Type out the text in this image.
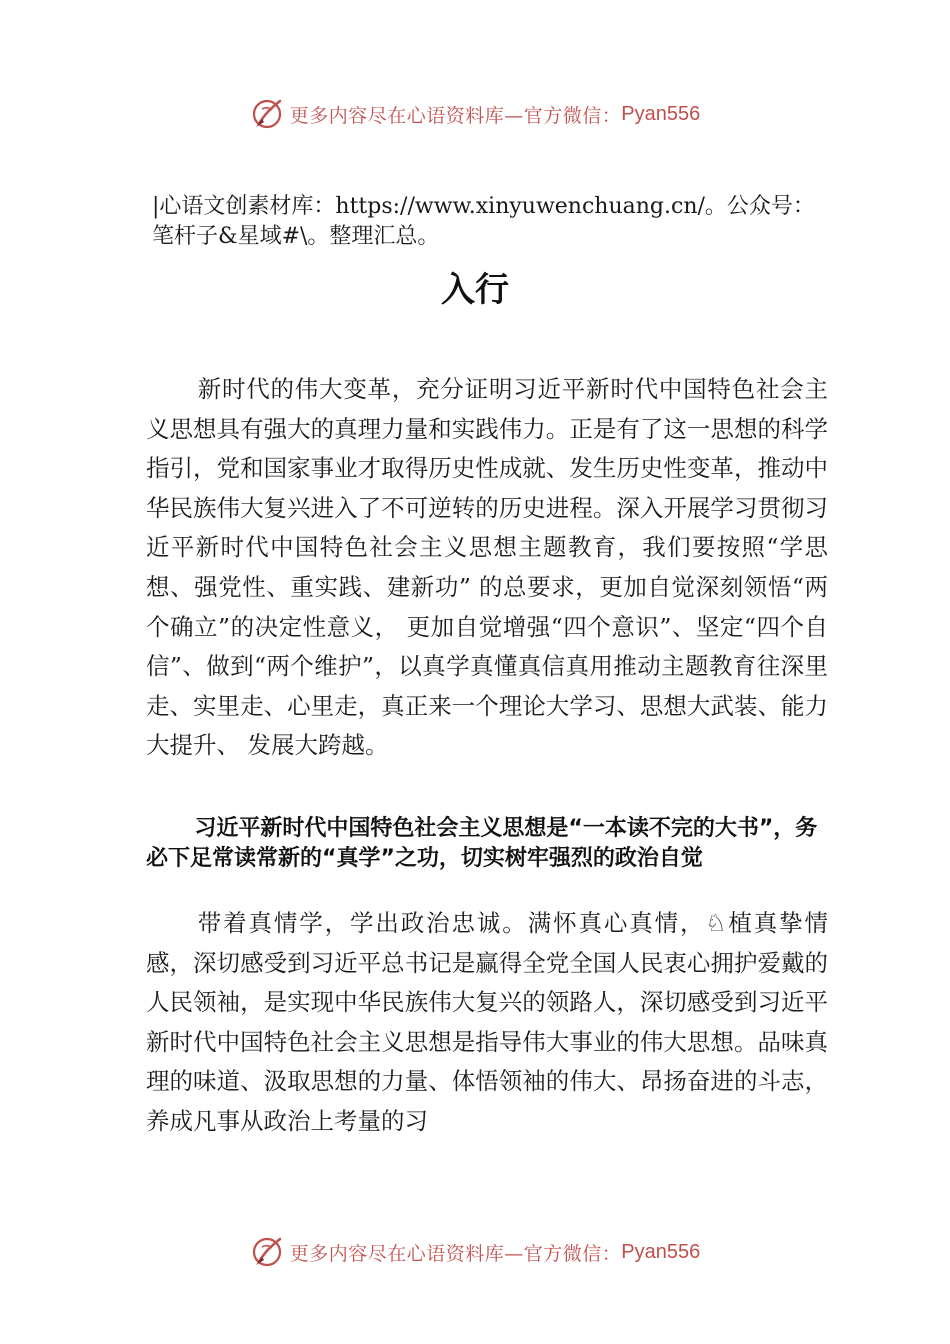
更多内容尽在心语资料库—官方微信： Pyan556

|心语文创素材库：https://www.xinyuwenchuang.cn/。公众号：笔杆子&星域#\。整理汇总。

入行

新时代的伟大变革，充分证明习近平新时代中国特色社会主义思想具有强大的真理力量和实践伟力。正是有了这一思想的科学指引，党和国家事业才取得历史性成就、发生历史性变革，推动中华民族伟大复兴进入了不可逆转的历史进程。深入开展学习贯彻习近平新时代中国特色社会主义思想主题教育，我们要按照“学思想、强党性、重实践、建新功” 的总要求，更加自觉深刻领悟“两个确立”的决定性意义， 更加自觉增强“四个意识”、坚定“四个自信”、做到“两个维护”，以真学真懂真信真用推动主题教育往深里走、实里走、心里走，真正来一个理论大学习、思想大武装、能力大提升、 发展大跨越。

习近平新时代中国特色社会主义思想是“一本读不完的大书”，务必下足常读常新的“真学”之功，切实树牢强烈的政治自觉

带着真情学，学出政治忠诚。满怀真心真情，♘植真挚情感，深切感受到习近平总书记是赢得全党全国人民衷心拥护爱戴的人民领袖，是实现中华民族伟大复兴的领路人，深切感受到习近平新时代中国特色社会主义思想是指导伟大事业的伟大思想。品味真理的味道、汲取思想的力量、体悟领袖的伟大、昂扬奋进的斗志，养成凡事从政治上考量的习

更多内容尽在心语资料库—官方微信： Pyan556
